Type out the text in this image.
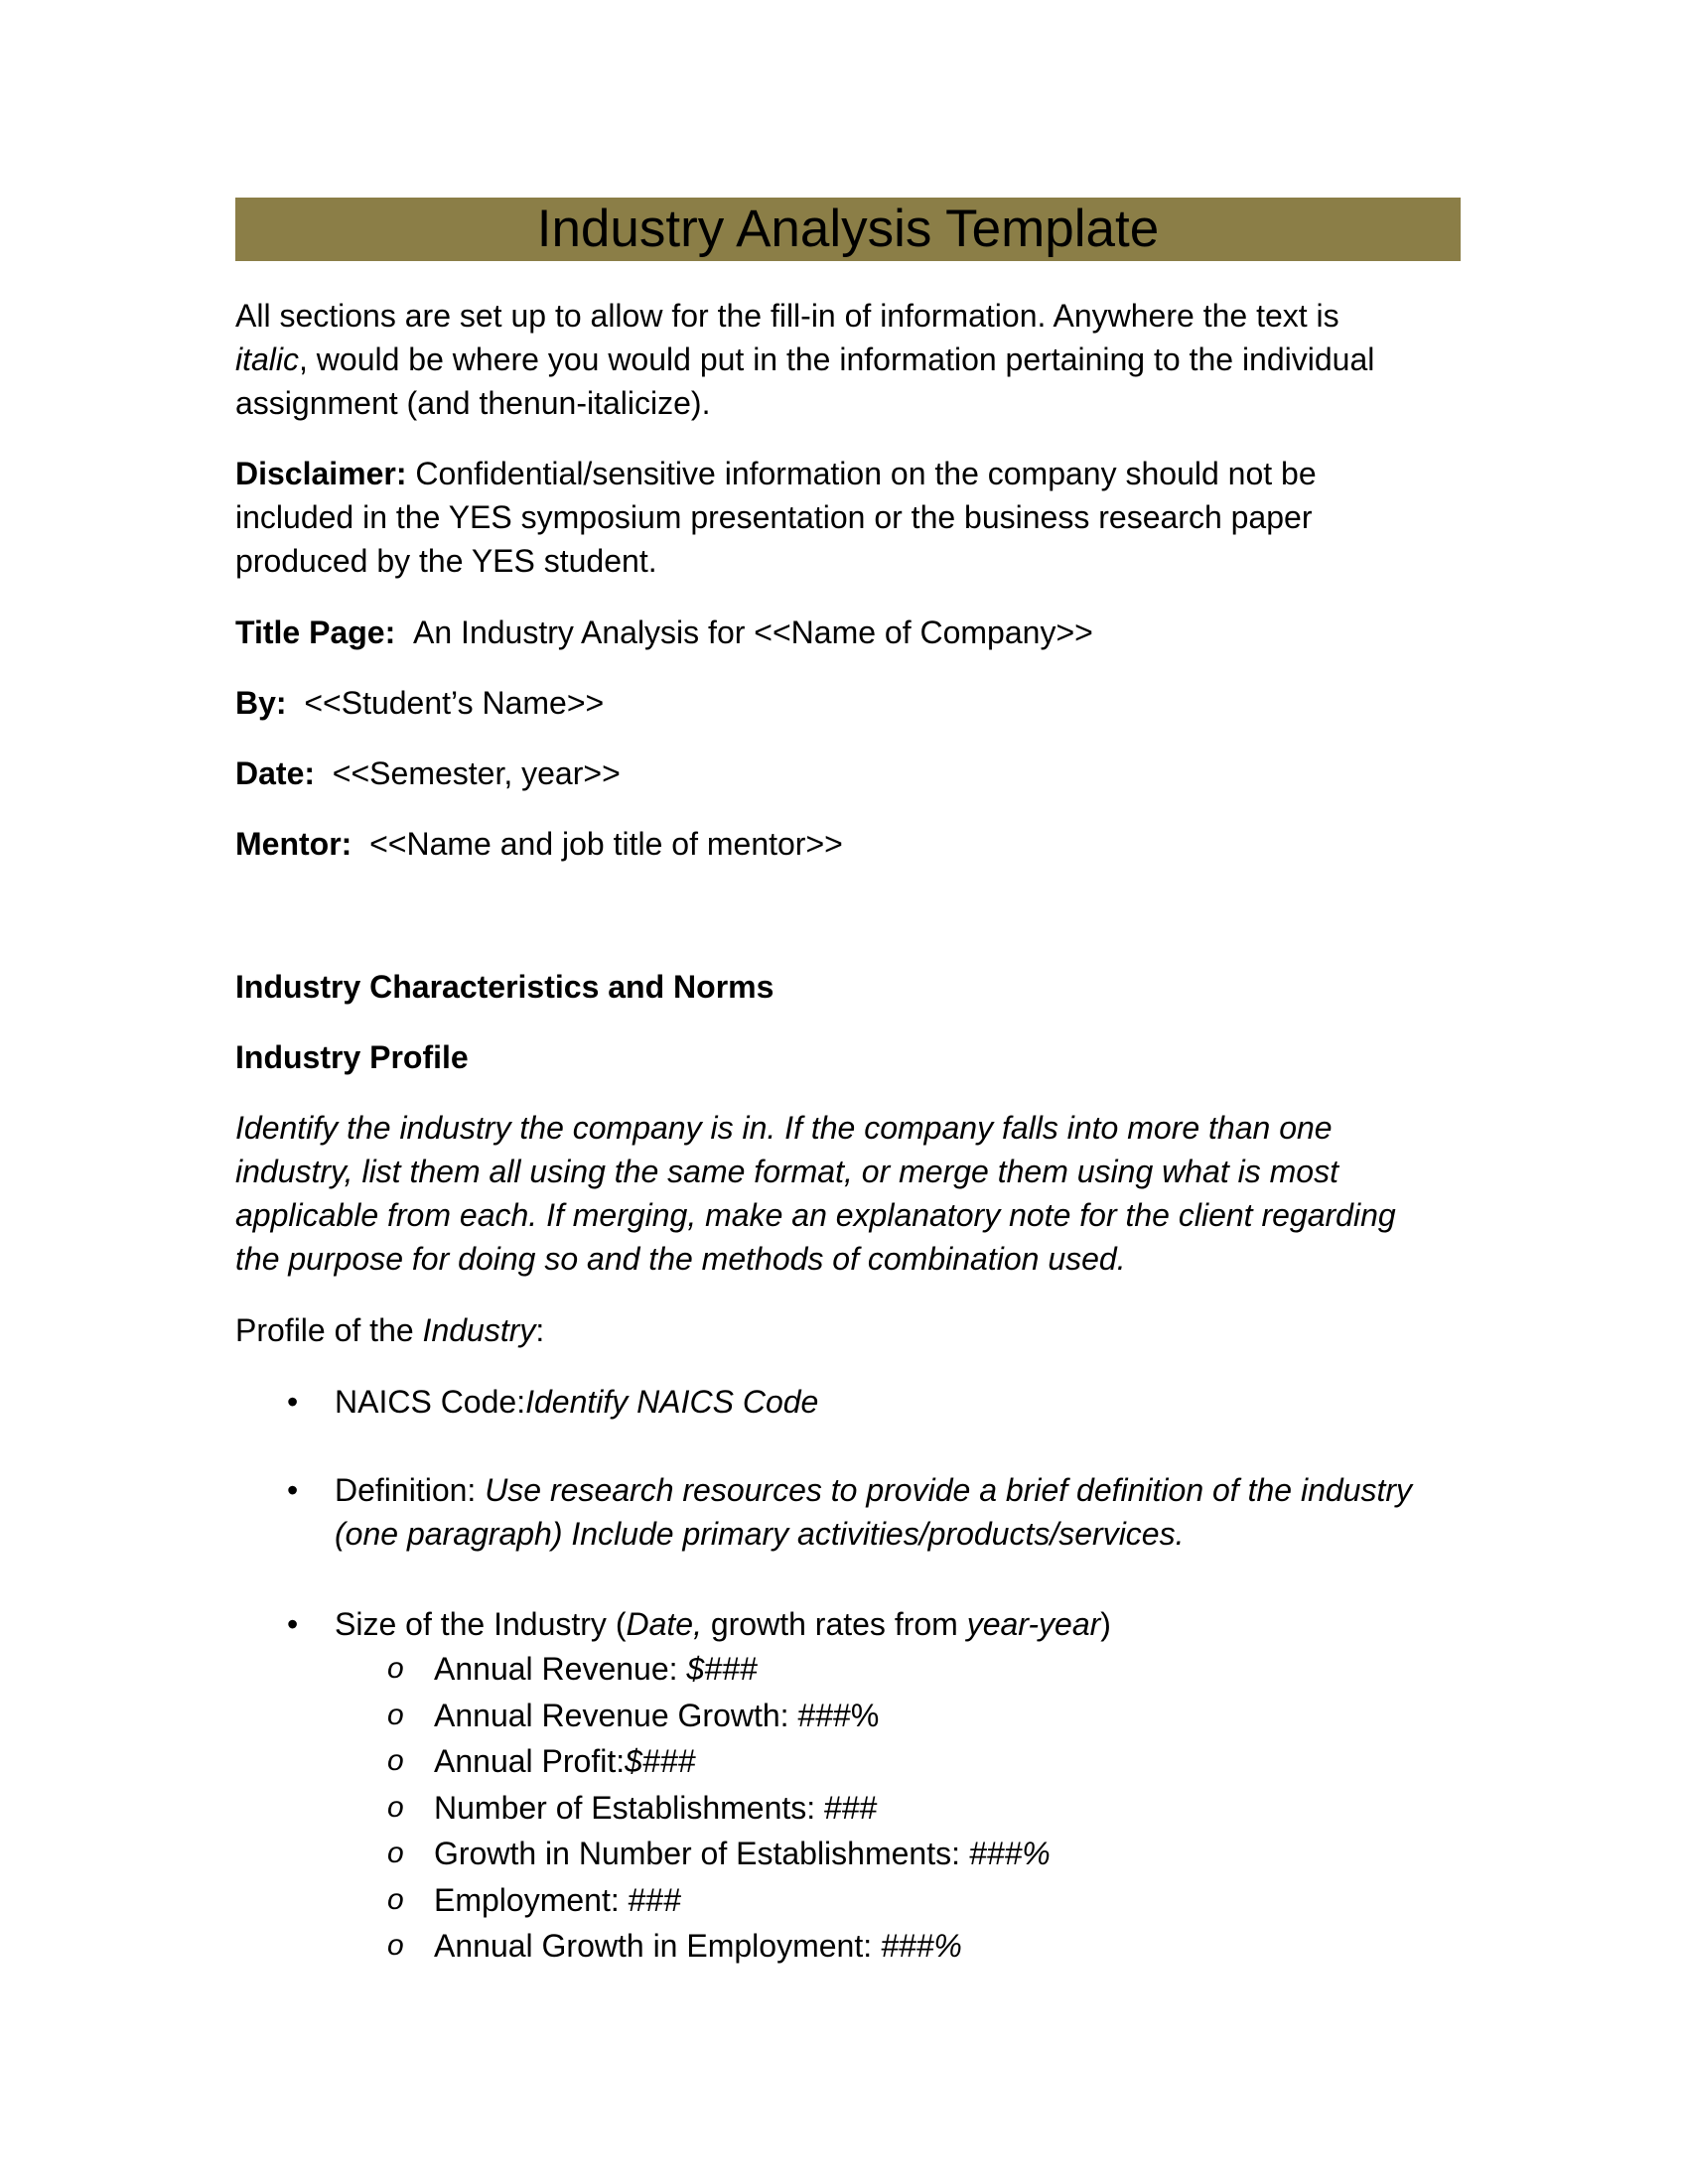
Industry Analysis Template
All sections are set up to allow for the fill-in of information. Anywhere the text is
italic, would be where you would put in the information pertaining to the individual
assignment (and thenun-italicize).
Disclaimer: Confidential/sensitive information on the company should not be
included in the YES symposium presentation or the business research paper
produced by the YES student.
Title Page: An Industry Analysis for <<Name of Company>>
By: <<Student’s Name>>
Date: <<Semester, year>>
Mentor: <<Name and job title of mentor>>
Industry Characteristics and Norms
Industry Profile
Identify the industry the company is in. If the company falls into more than one
industry, list them all using the same format, or merge them using what is most
applicable from each. If merging, make an explanatory note for the client regarding
the purpose for doing so and the methods of combination used.
Profile of the Industry:
•	NAICS Code:Identify NAICS Code
•	Definition: Use research resources to provide a brief definition of the industry
(one paragraph) Include primary activities/products/services.
•	Size of the Industry (Date, growth rates from year-year)
o Annual Revenue: $###
o Annual Revenue Growth: ###%
o Annual Profit:$###
o Number of Establishments: ###
o Growth in Number of Establishments: ###%
o Employment: ###
o Annual Growth in Employment: ###%
